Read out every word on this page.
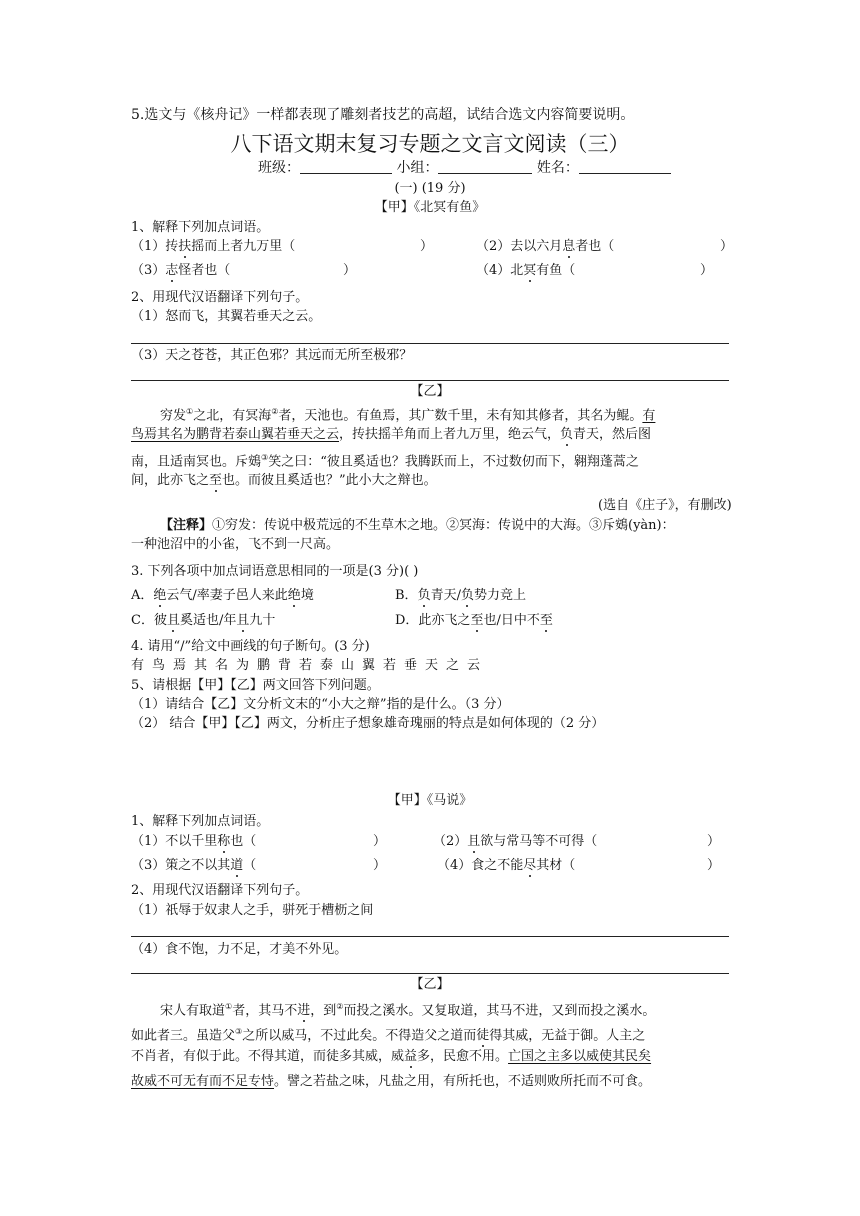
5.选文与《核舟记》一样都表现了雕刻者技艺的高超，试结合选文内容简要说明。
八下语文期末复习专题之文言文阅读（三）
班级：	小组：	姓名：
(一) (19 分)
【甲】《北冥有鱼》
1、解释下列加点词语。
（1）抟扶摇而上者九万里（	）	（2）去以六月息者也（	）
（3）志怪者也（	）	（4）北冥有鱼（	）
2、用现代汉语翻译下列句子。
（1）怒而飞，其翼若垂天之云。
（3）天之苍苍，其正色邪？其远而无所至极邪？
【乙】
穷发①之北，有冥海②者，天池也。有鱼焉，其广数千里，未有知其修者，其名为鲲。有
鸟焉其名为鹏背若泰山翼若垂天之云，抟扶摇羊角而上者九万里，绝云气，负青天，然后图
南，且适南冥也。斥鴳③笑之曰：“彼且奚适也？我腾跃而上，不过数仞而下，翱翔蓬蒿之
间，此亦飞之至也。而彼且奚适也？”此小大之辩也。
(选自《庄子》，有删改)
【注释】①穷发：传说中极荒远的不生草木之地。②冥海：传说中的大海。③斥鴳(yàn)：
一种池沼中的小雀，飞不到一尺高。
3. 下列各项中加点词语意思相同的一项是(3 分)( )
A．绝云气/率妻子邑人来此绝境	B．负青天/负势力竞上
C．彼且奚适也/年且九十	D．此亦飞之至也/日中不至
4. 请用“/”给文中画线的句子断句。(3 分)
有鸟焉其名为鹏背若泰山翼若垂天之云
5、请根据【甲】【乙】两文回答下列问题。
（1）请结合【乙】文分析文末的“小大之辩”指的是什么。（3 分）
（2） 结合【甲】【乙】两文，分析庄子想象雄奇瑰丽的特点是如何体现的（2 分）
【甲】《马说》
1、解释下列加点词语。
（1）不以千里称也（	）	（2）且欲与常马等不可得（	）
（3）策之不以其道（	）	（4）食之不能尽其材（	）
2、用现代汉语翻译下列句子。
（1）祇辱于奴隶人之手，骈死于槽枥之间
（4）食不饱，力不足，才美不外见。
【乙】
宋人有取道①者，其马不进，到②而投之溪水。又复取道，其马不进，又到而投之溪水。
如此者三。虽造父③之所以威马，不过此矣。不得造父之道而徒得其威，无益于御。人主之
不肖者，有似于此。不得其道，而徒多其威，威益多，民愈不用。亡国之主多以威使其民矣
故威不可无有而不足专恃。譬之若盐之味，凡盐之用，有所托也，不适则败所托而不可食。
